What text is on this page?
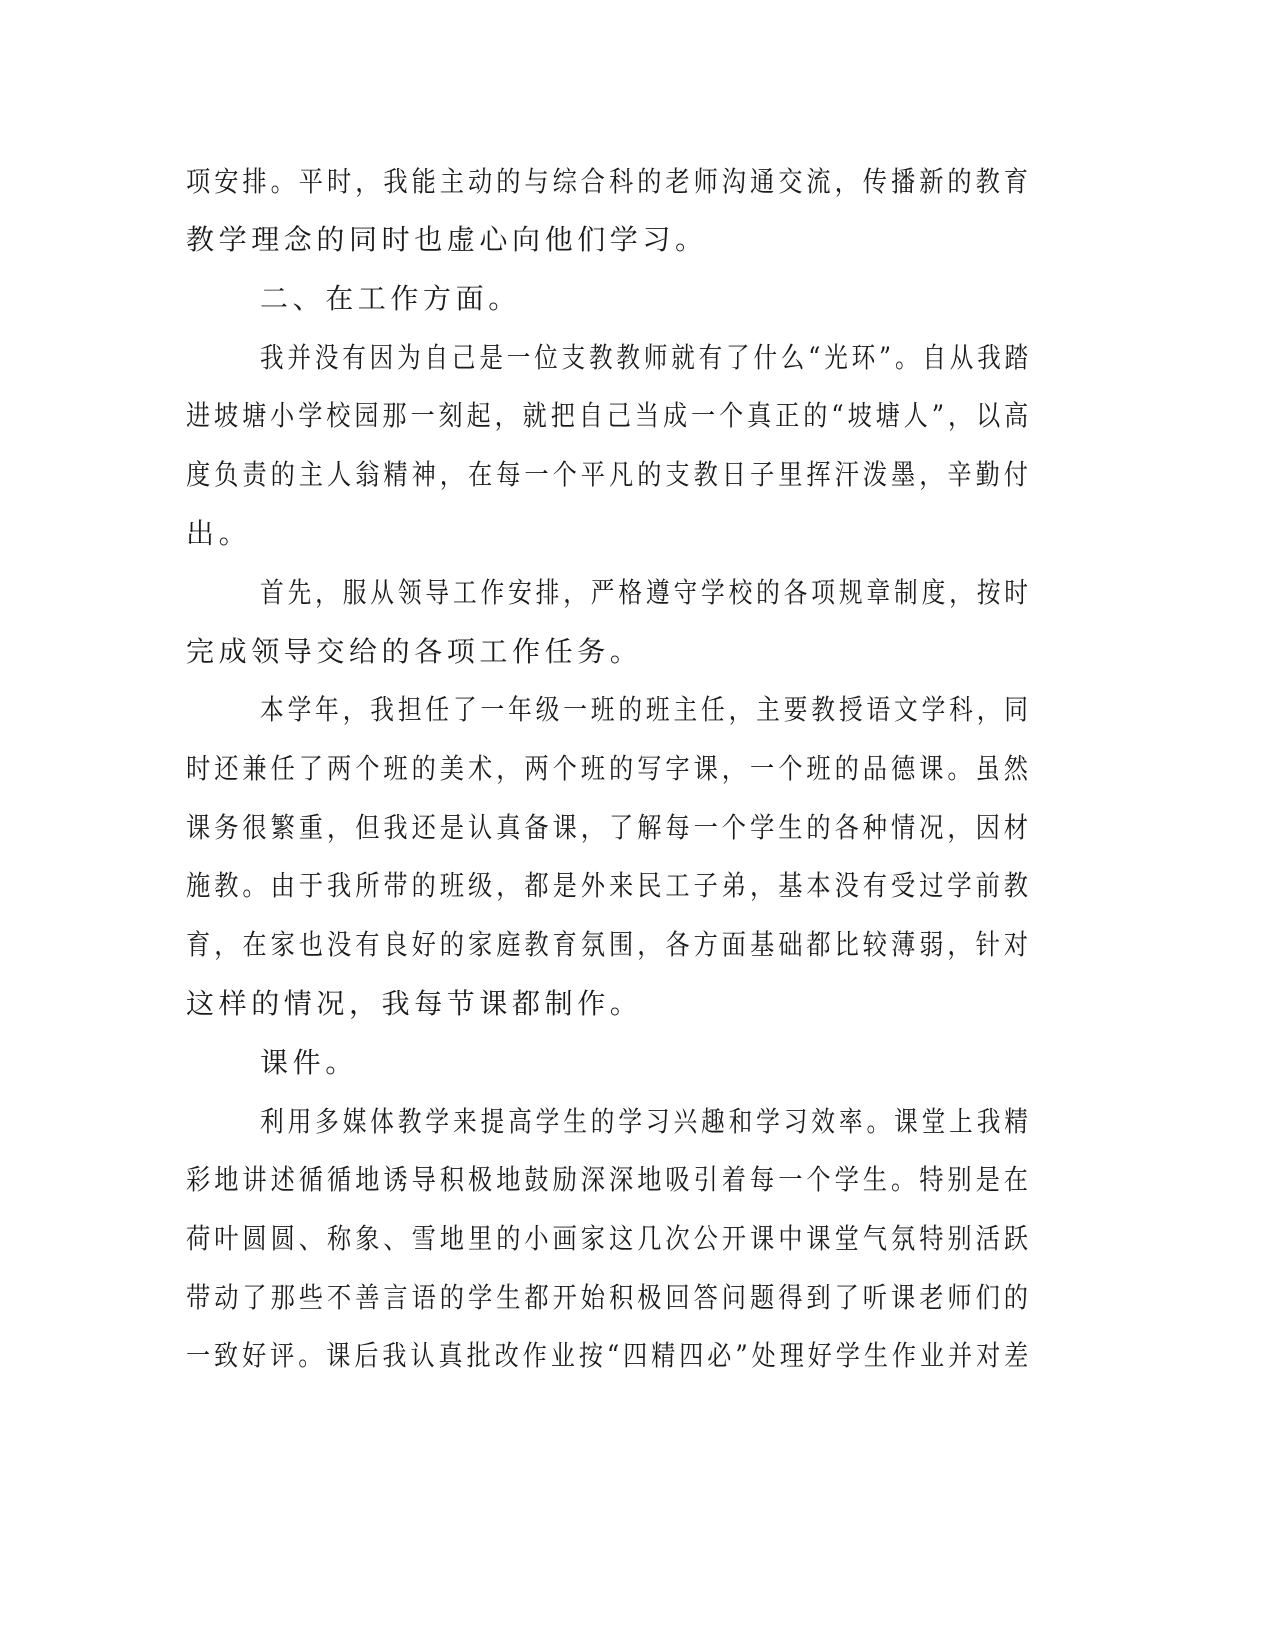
项安排。平时，我能主动的与综合科的老师沟通交流，传播新的教育
教学理念的同时也虚心向他们学习。
二、在工作方面。
我并没有因为自己是一位支教教师就有了什么“光环”。自从我踏
进坡塘小学校园那一刻起，就把自己当成一个真正的“坡塘人”，以高
度负责的主人翁精神，在每一个平凡的支教日子里挥汗泼墨，辛勤付
出。
首先，服从领导工作安排，严格遵守学校的各项规章制度，按时
完成领导交给的各项工作任务。
本学年，我担任了一年级一班的班主任，主要教授语文学科，同
时还兼任了两个班的美术，两个班的写字课，一个班的品德课。虽然
课务很繁重，但我还是认真备课，了解每一个学生的各种情况，因材
施教。由于我所带的班级，都是外来民工子弟，基本没有受过学前教
育，在家也没有良好的家庭教育氛围，各方面基础都比较薄弱，针对
这样的情况，我每节课都制作。
课件。
利用多媒体教学来提高学生的学习兴趣和学习效率。课堂上我精
彩地讲述循循地诱导积极地鼓励深深地吸引着每一个学生。特别是在
荷叶圆圆、称象、雪地里的小画家这几次公开课中课堂气氛特别活跃
带动了那些不善言语的学生都开始积极回答问题得到了听课老师们的
一致好评。课后我认真批改作业按“四精四必”处理好学生作业并对差
